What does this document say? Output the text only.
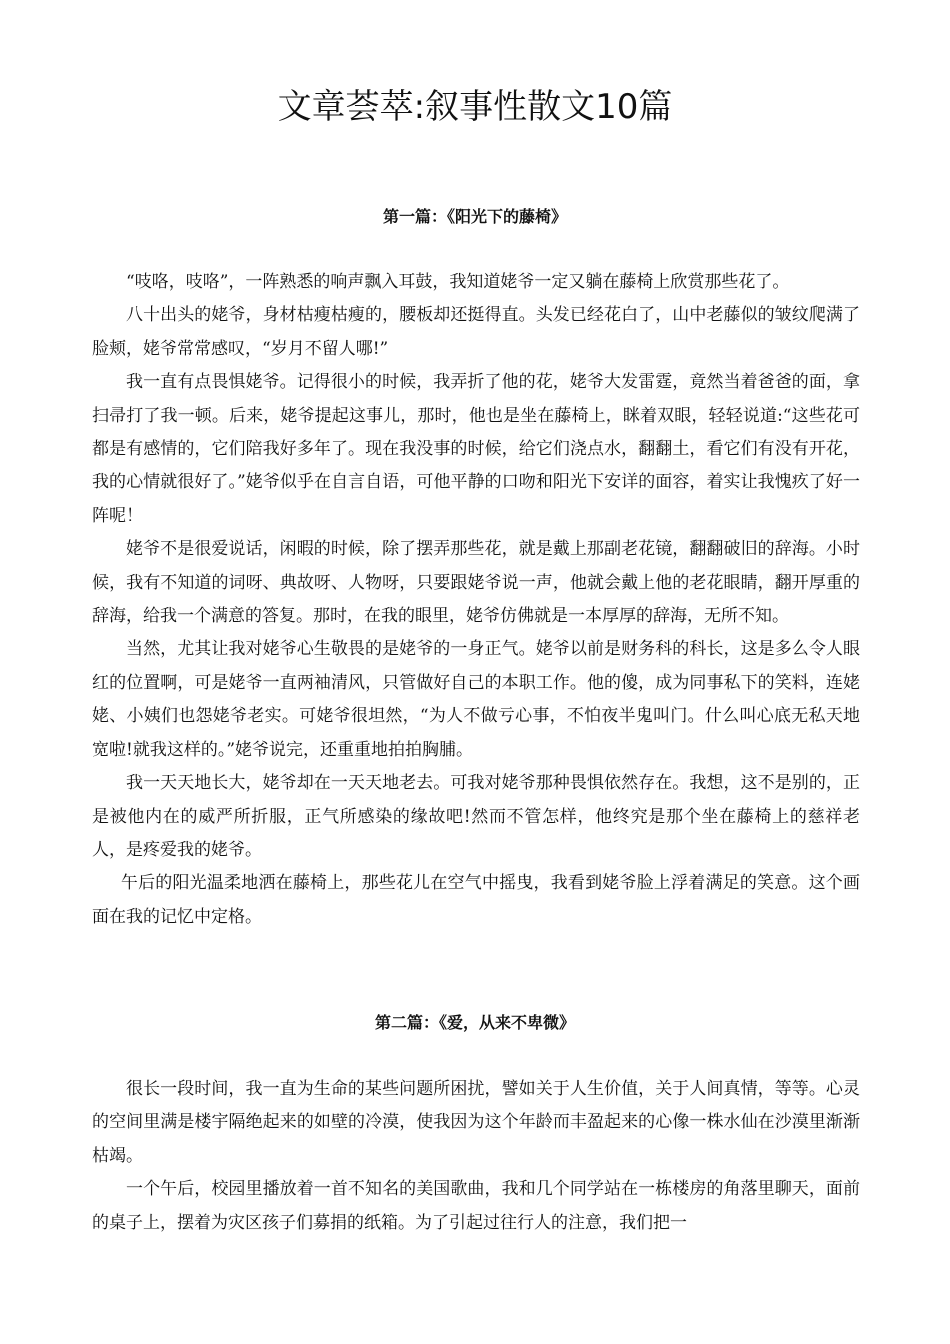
文章荟萃:叙事性散文10篇
第一篇：《阳光下的藤椅》

“吱咯，吱咯”，一阵熟悉的响声飘入耳鼓，我知道姥爷一定又躺在藤椅上欣赏那些花了。

八十出头的姥爷，身材枯瘦枯瘦的，腰板却还挺得直。头发已经花白了，山中老藤似的皱纹爬满了脸颊，姥爷常常感叹，“岁月不留人哪!”

我一直有点畏惧姥爷。记得很小的时候，我弄折了他的花，姥爷大发雷霆，竟然当着爸爸的面，拿扫帚打了我一顿。后来，姥爷提起这事儿，那时，他也是坐在藤椅上，眯着双眼，轻轻说道:“这些花可都是有感情的，它们陪我好多年了。现在我没事的时候，给它们浇点水，翻翻土，看它们有没有开花，我的心情就很好了。”姥爷似乎在自言自语，可他平静的口吻和阳光下安详的面容，着实让我愧疚了好一阵呢！

姥爷不是很爱说话，闲暇的时候，除了摆弄那些花，就是戴上那副老花镜，翻翻破旧的辞海。小时候，我有不知道的词呀、典故呀、人物呀，只要跟姥爷说一声，他就会戴上他的老花眼睛，翻开厚重的辞海，给我一个满意的答复。那时，在我的眼里，姥爷仿佛就是一本厚厚的辞海，无所不知。

当然，尤其让我对姥爷心生敬畏的是姥爷的一身正气。姥爷以前是财务科的科长，这是多么令人眼红的位置啊，可是姥爷一直两袖清风，只管做好自己的本职工作。他的傻，成为同事私下的笑料，连姥姥、小姨们也怨姥爷老实。可姥爷很坦然，“为人不做亏心事，不怕夜半鬼叫门。什么叫心底无私天地宽啦!就我这样的。”姥爷说完，还重重地拍拍胸脯。

我一天天地长大，姥爷却在一天天地老去。可我对姥爷那种畏惧依然存在。我想，这不是别的，正是被他内在的威严所折服，正气所感染的缘故吧!然而不管怎样，他终究是那个坐在藤椅上的慈祥老人，是疼爱我的姥爷。

午后的阳光温柔地洒在藤椅上，那些花儿在空气中摇曳，我看到姥爷脸上浮着满足的笑意。这个画面在我的记忆中定格。

第二篇：《爱，从来不卑微》

很长一段时间，我一直为生命的某些问题所困扰，譬如关于人生价值，关于人间真情，等等。心灵的空间里满是楼宇隔绝起来的如壁的冷漠，使我因为这个年龄而丰盈起来的心像一株水仙在沙漠里渐渐枯竭。

一个午后，校园里播放着一首不知名的美国歌曲，我和几个同学站在一栋楼房的角落里聊天，面前的桌子上，摆着为灾区孩子们募捐的纸箱。为了引起过往行人的注意，我们把一
